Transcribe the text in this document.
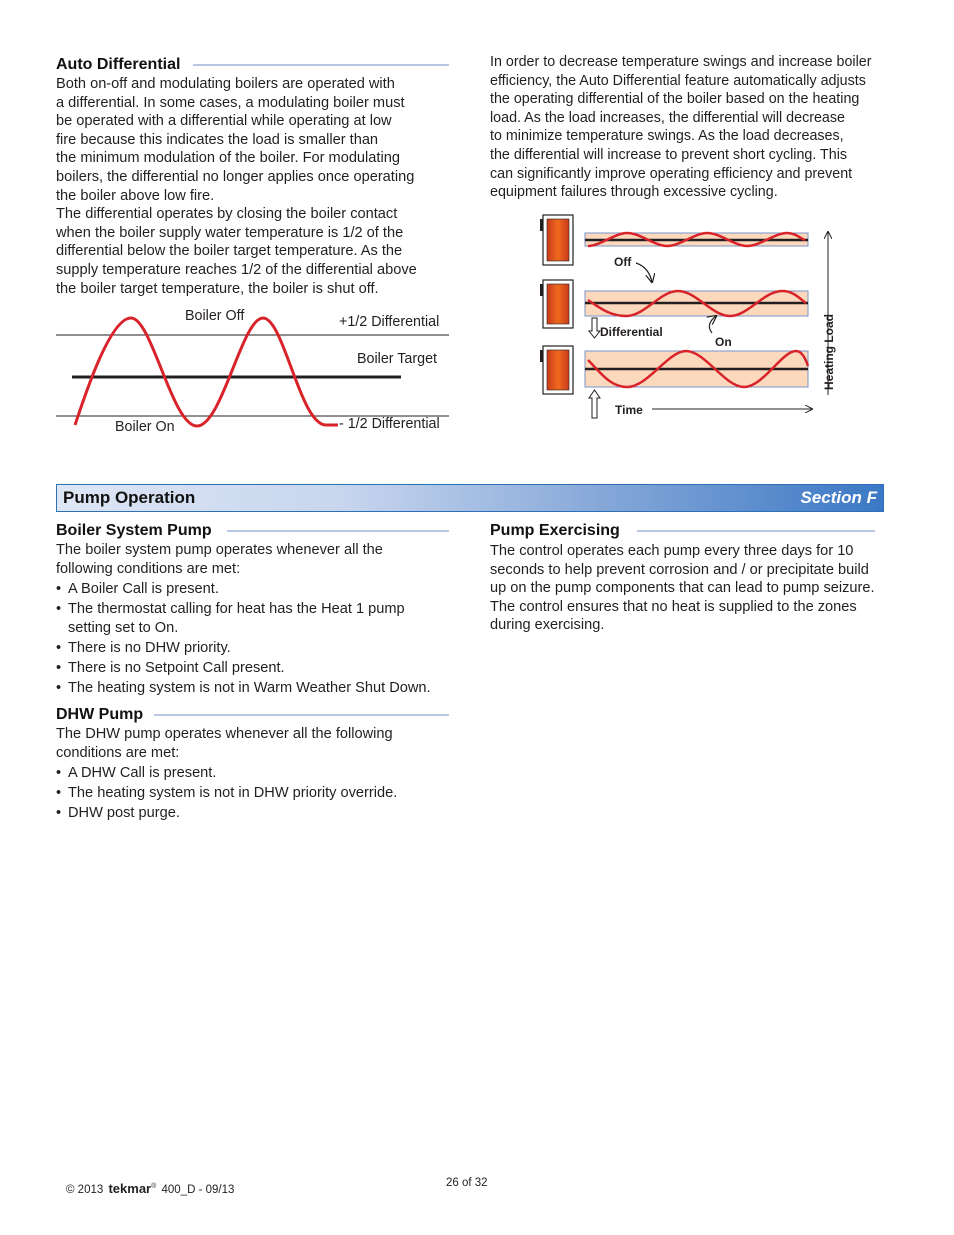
Auto Differential

Both on-off and modulating boilers are operated with
a differential. In some cases, a modulating boiler must
be operated with a differential while operating at low
fire because this indicates the load is smaller than
the minimum modulation of the boiler. For modulating
boilers, the differential no longer applies once operating
the boiler above low fire.

The differential operates by closing the boiler contact
when the boiler supply water temperature is 1/2 of the
differential below the boiler target temperature. As the
supply temperature reaches 1/2 of the differential above
the boiler target temperature, the boiler is shut off.

In order to decrease temperature swings and increase boiler
efficiency, the Auto Differential feature automatically adjusts
the operating differential of the boiler based on the heating
load. As the load increases, the differential will decrease
to minimize temperature swings. As the load decreases,
the differential will increase to prevent short cycling. This
can significantly improve operating efficiency and prevent
equipment failures through excessive cycling.

Boiler Off	+1/2 Differential
Boiler Target
Boiler On	- 1/2 Differential
Off
Differential
On
Time
Heating Load
Pump Operation	Section F
Boiler System Pump

The boiler system pump operates whenever all the
following conditions are met:

• A Boiler Call is present.
• The thermostat calling for heat has the Heat 1 pump
setting set to On.
• There is no DHW priority.
• There is no Setpoint Call present.
• The heating system is not in Warm Weather Shut Down.
DHW Pump

The DHW pump operates whenever all the following
conditions are met:

• A DHW Call is present.
• The heating system is not in DHW priority override.
• DHW post purge.
Pump Exercising

The control operates each pump every three days for 10
seconds to help prevent corrosion and / or precipitate build
up on the pump components that can lead to pump seizure.
The control ensures that no heat is supplied to the zones
during exercising.

© 2013 tekmar® 400_D - 09/13
26 of 32
